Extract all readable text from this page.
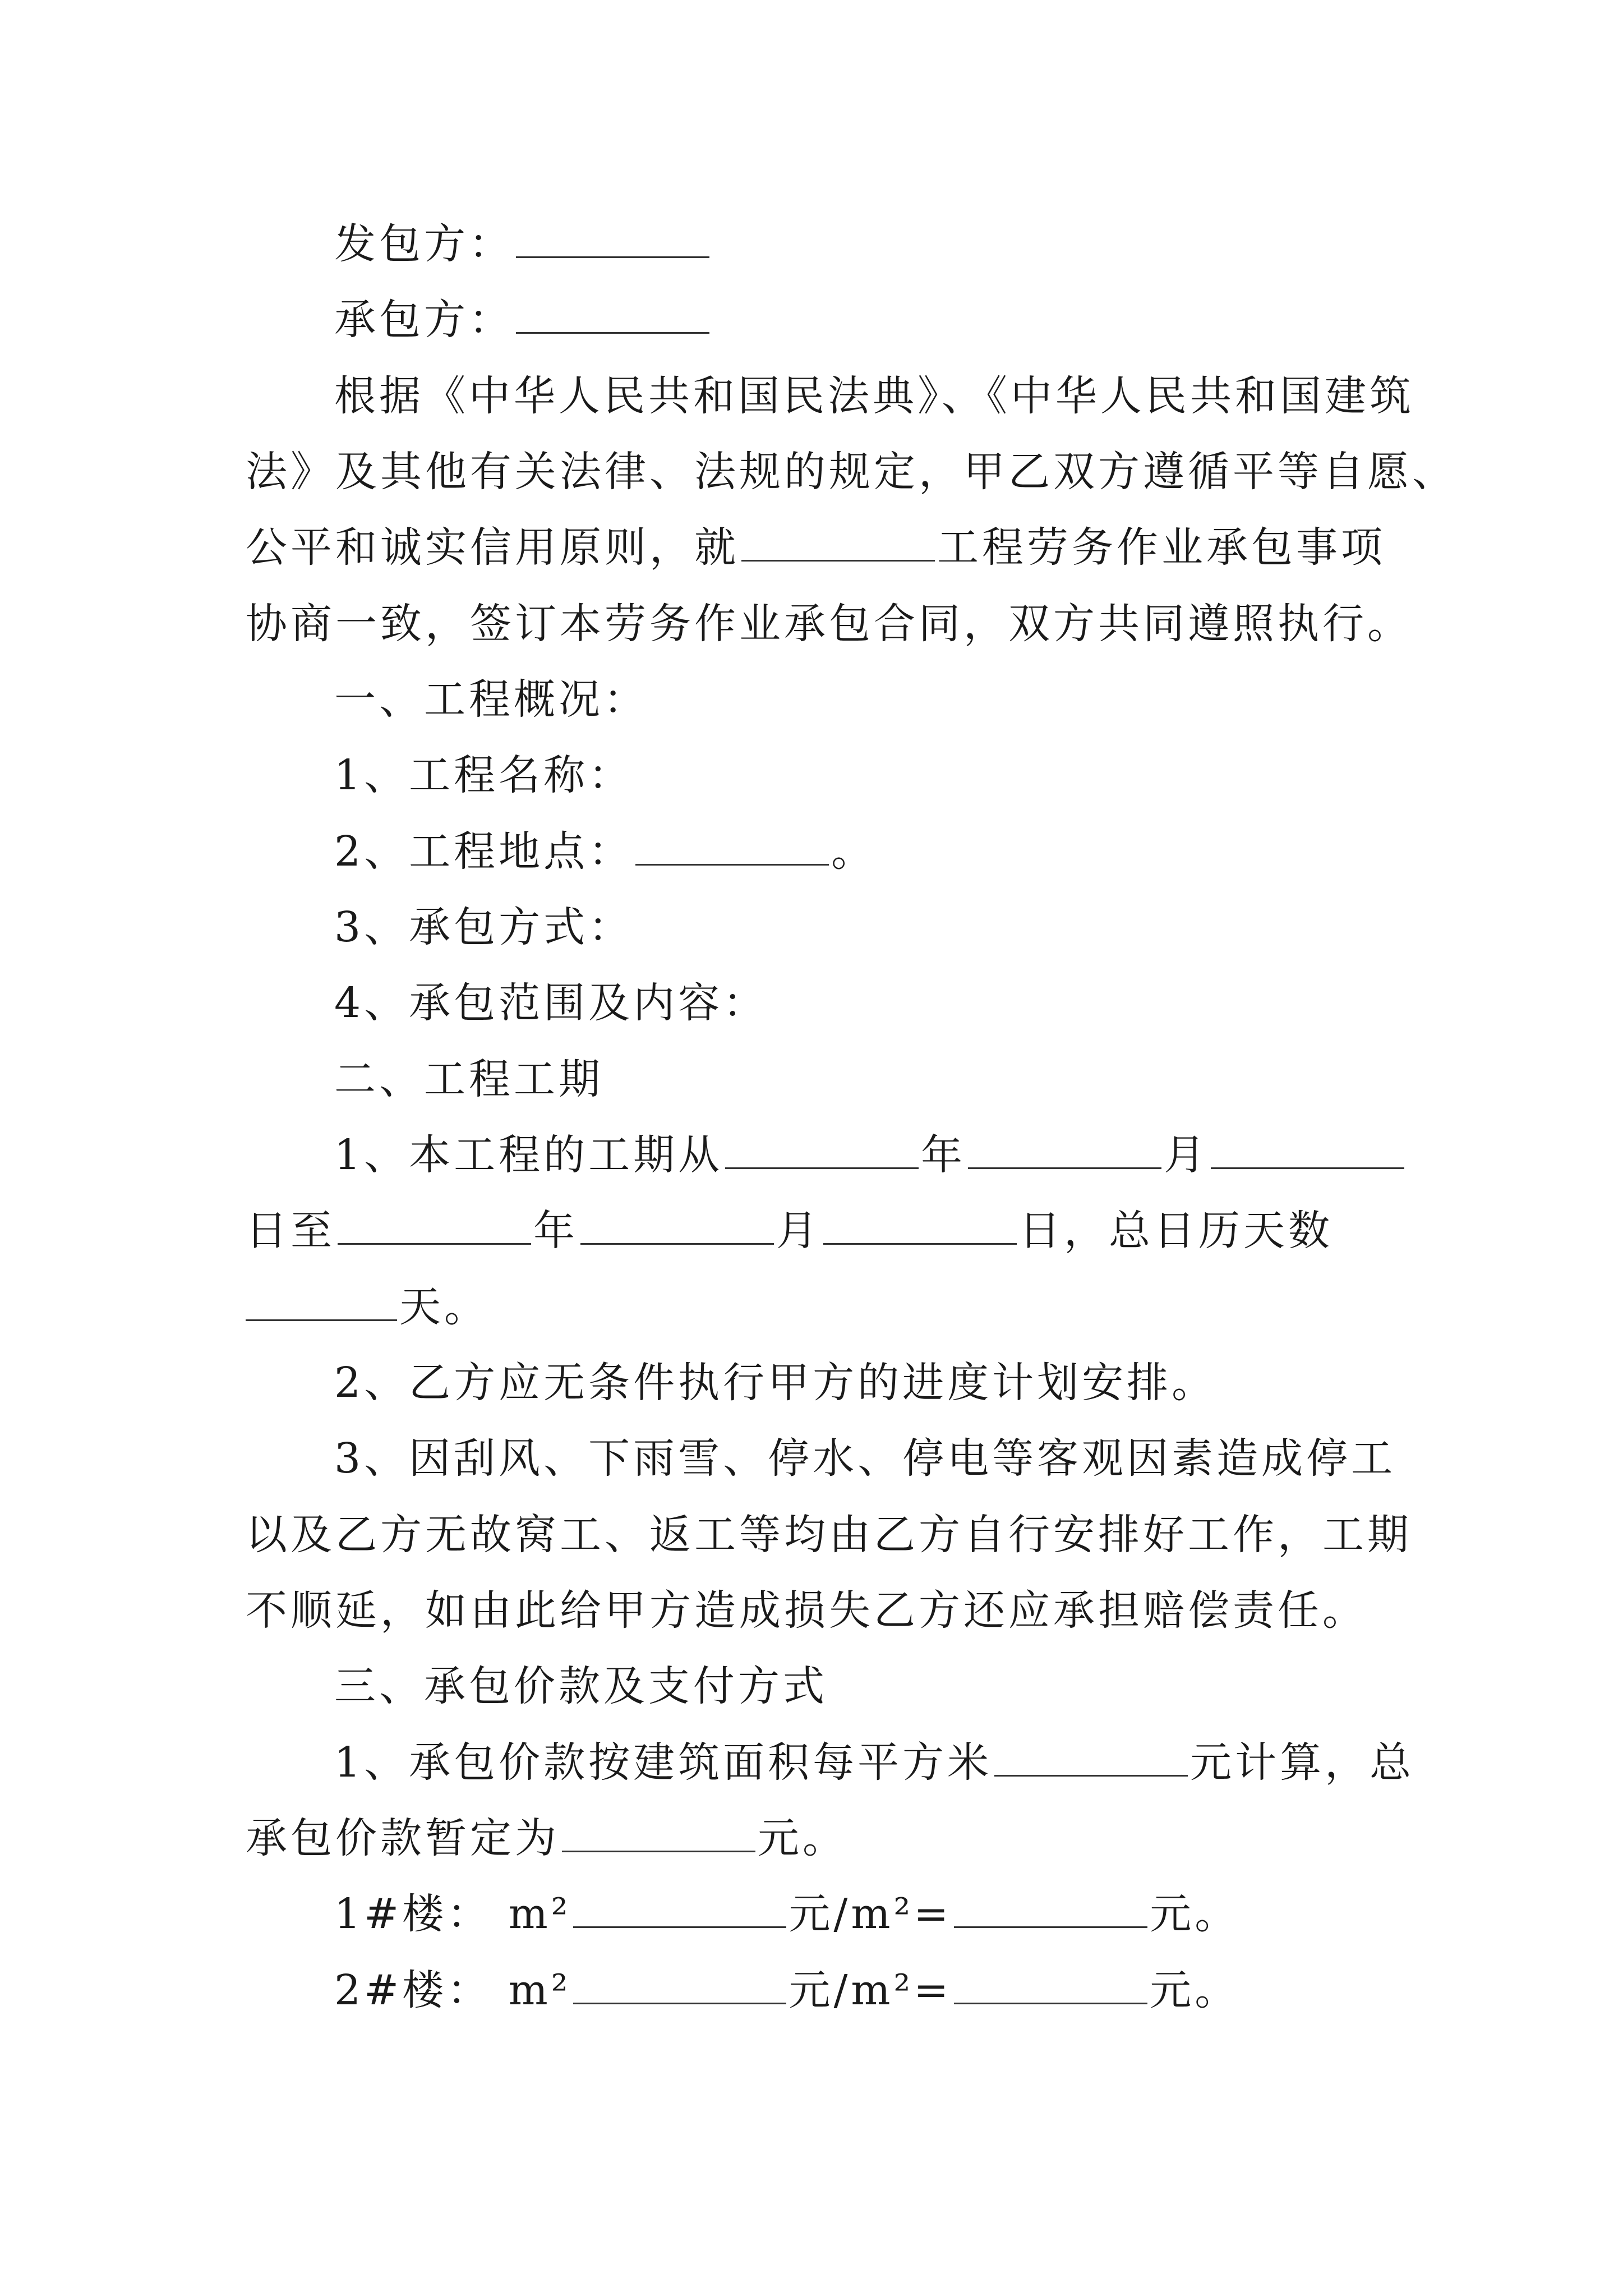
发包方：
承包方：
根据《中华人民共和国民法典》、《中华人民共和国建筑
法》及其他有关法律、法规的规定，甲乙双方遵循平等自愿、
公平和诚实信用原则，就	工程劳务作业承包事项
协商一致，签订本劳务作业承包合同，双方共同遵照执行。
一、工程概况：
1、工程名称：
2、工程地点：	。
3、承包方式：
4、承包范围及内容：
二、工程工期
1、本工程的工期从	年	月
日至	年	月	日，总日历天数
天。
2、乙方应无条件执行甲方的进度计划安排。
3、因刮风、下雨雪、停水、停电等客观因素造成停工
以及乙方无故窝工、返工等均由乙方自行安排好工作，工期
不顺延，如由此给甲方造成损失乙方还应承担赔偿责任。
三、承包价款及支付方式
1、承包价款按建筑面积每平方米	元计算，总
承包价款暂定为	元。
1#楼： m²	元/m²=	元。
2#楼： m²	元/m²=	元。
